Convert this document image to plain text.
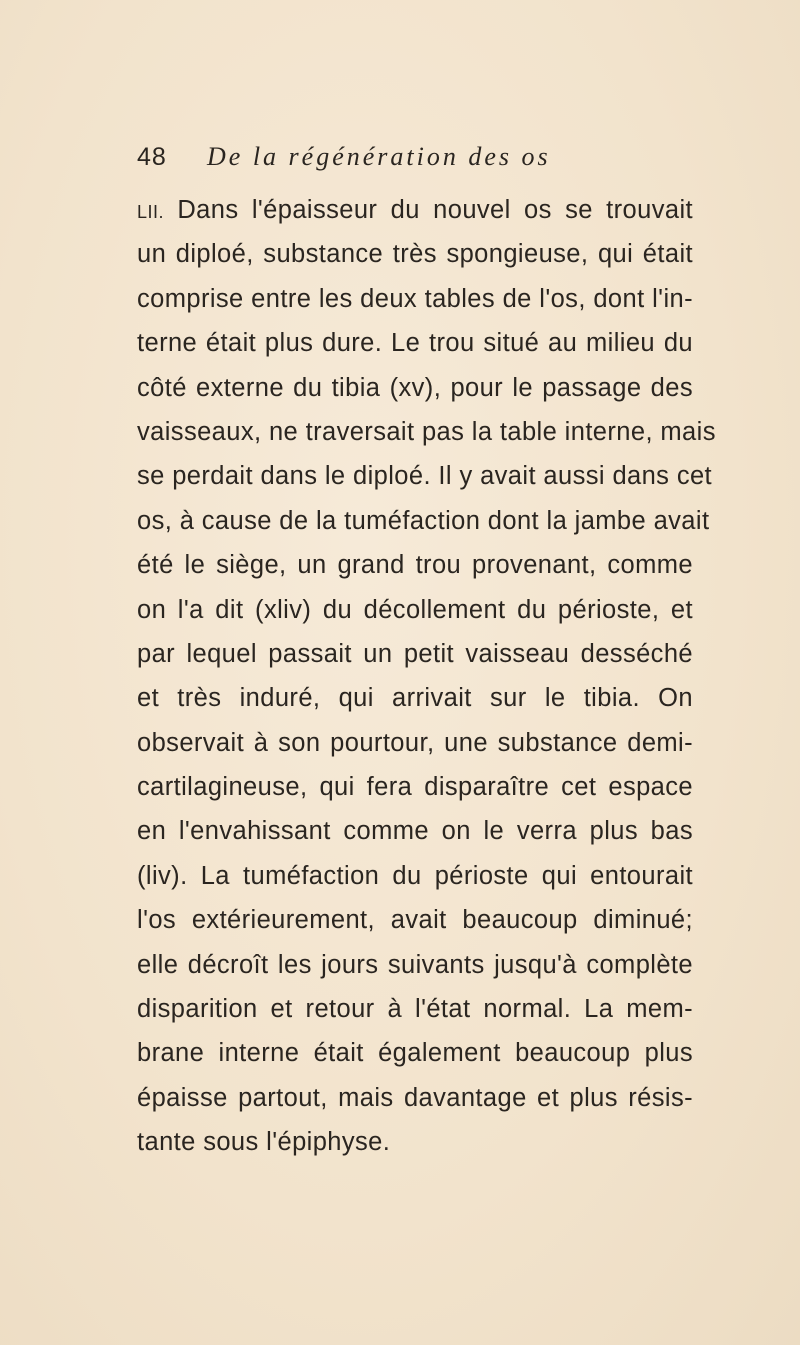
48 De la régénération des os
LII. Dans l'épaisseur du nouvel os se trouvait
un diploé, substance très spongieuse, qui était
comprise entre les deux tables de l'os, dont l'in-
terne était plus dure. Le trou situé au milieu du
côté externe du tibia (xv), pour le passage des
vaisseaux, ne traversait pas la table interne, mais
se perdait dans le diploé. Il y avait aussi dans cet
os, à cause de la tuméfaction dont la jambe avait
été le siège, un grand trou provenant, comme
on l'a dit (xliv) du décollement du périoste, et
par lequel passait un petit vaisseau desséché
et très induré, qui arrivait sur le tibia. On
observait à son pourtour, une substance demi-
cartilagineuse, qui fera disparaître cet espace
en l'envahissant comme on le verra plus bas
(liv). La tuméfaction du périoste qui entourait
l'os extérieurement, avait beaucoup diminué;
elle décroît les jours suivants jusqu'à complète
disparition et retour à l'état normal. La mem-
brane interne était également beaucoup plus
épaisse partout, mais davantage et plus résis-
tante sous l'épiphyse.
